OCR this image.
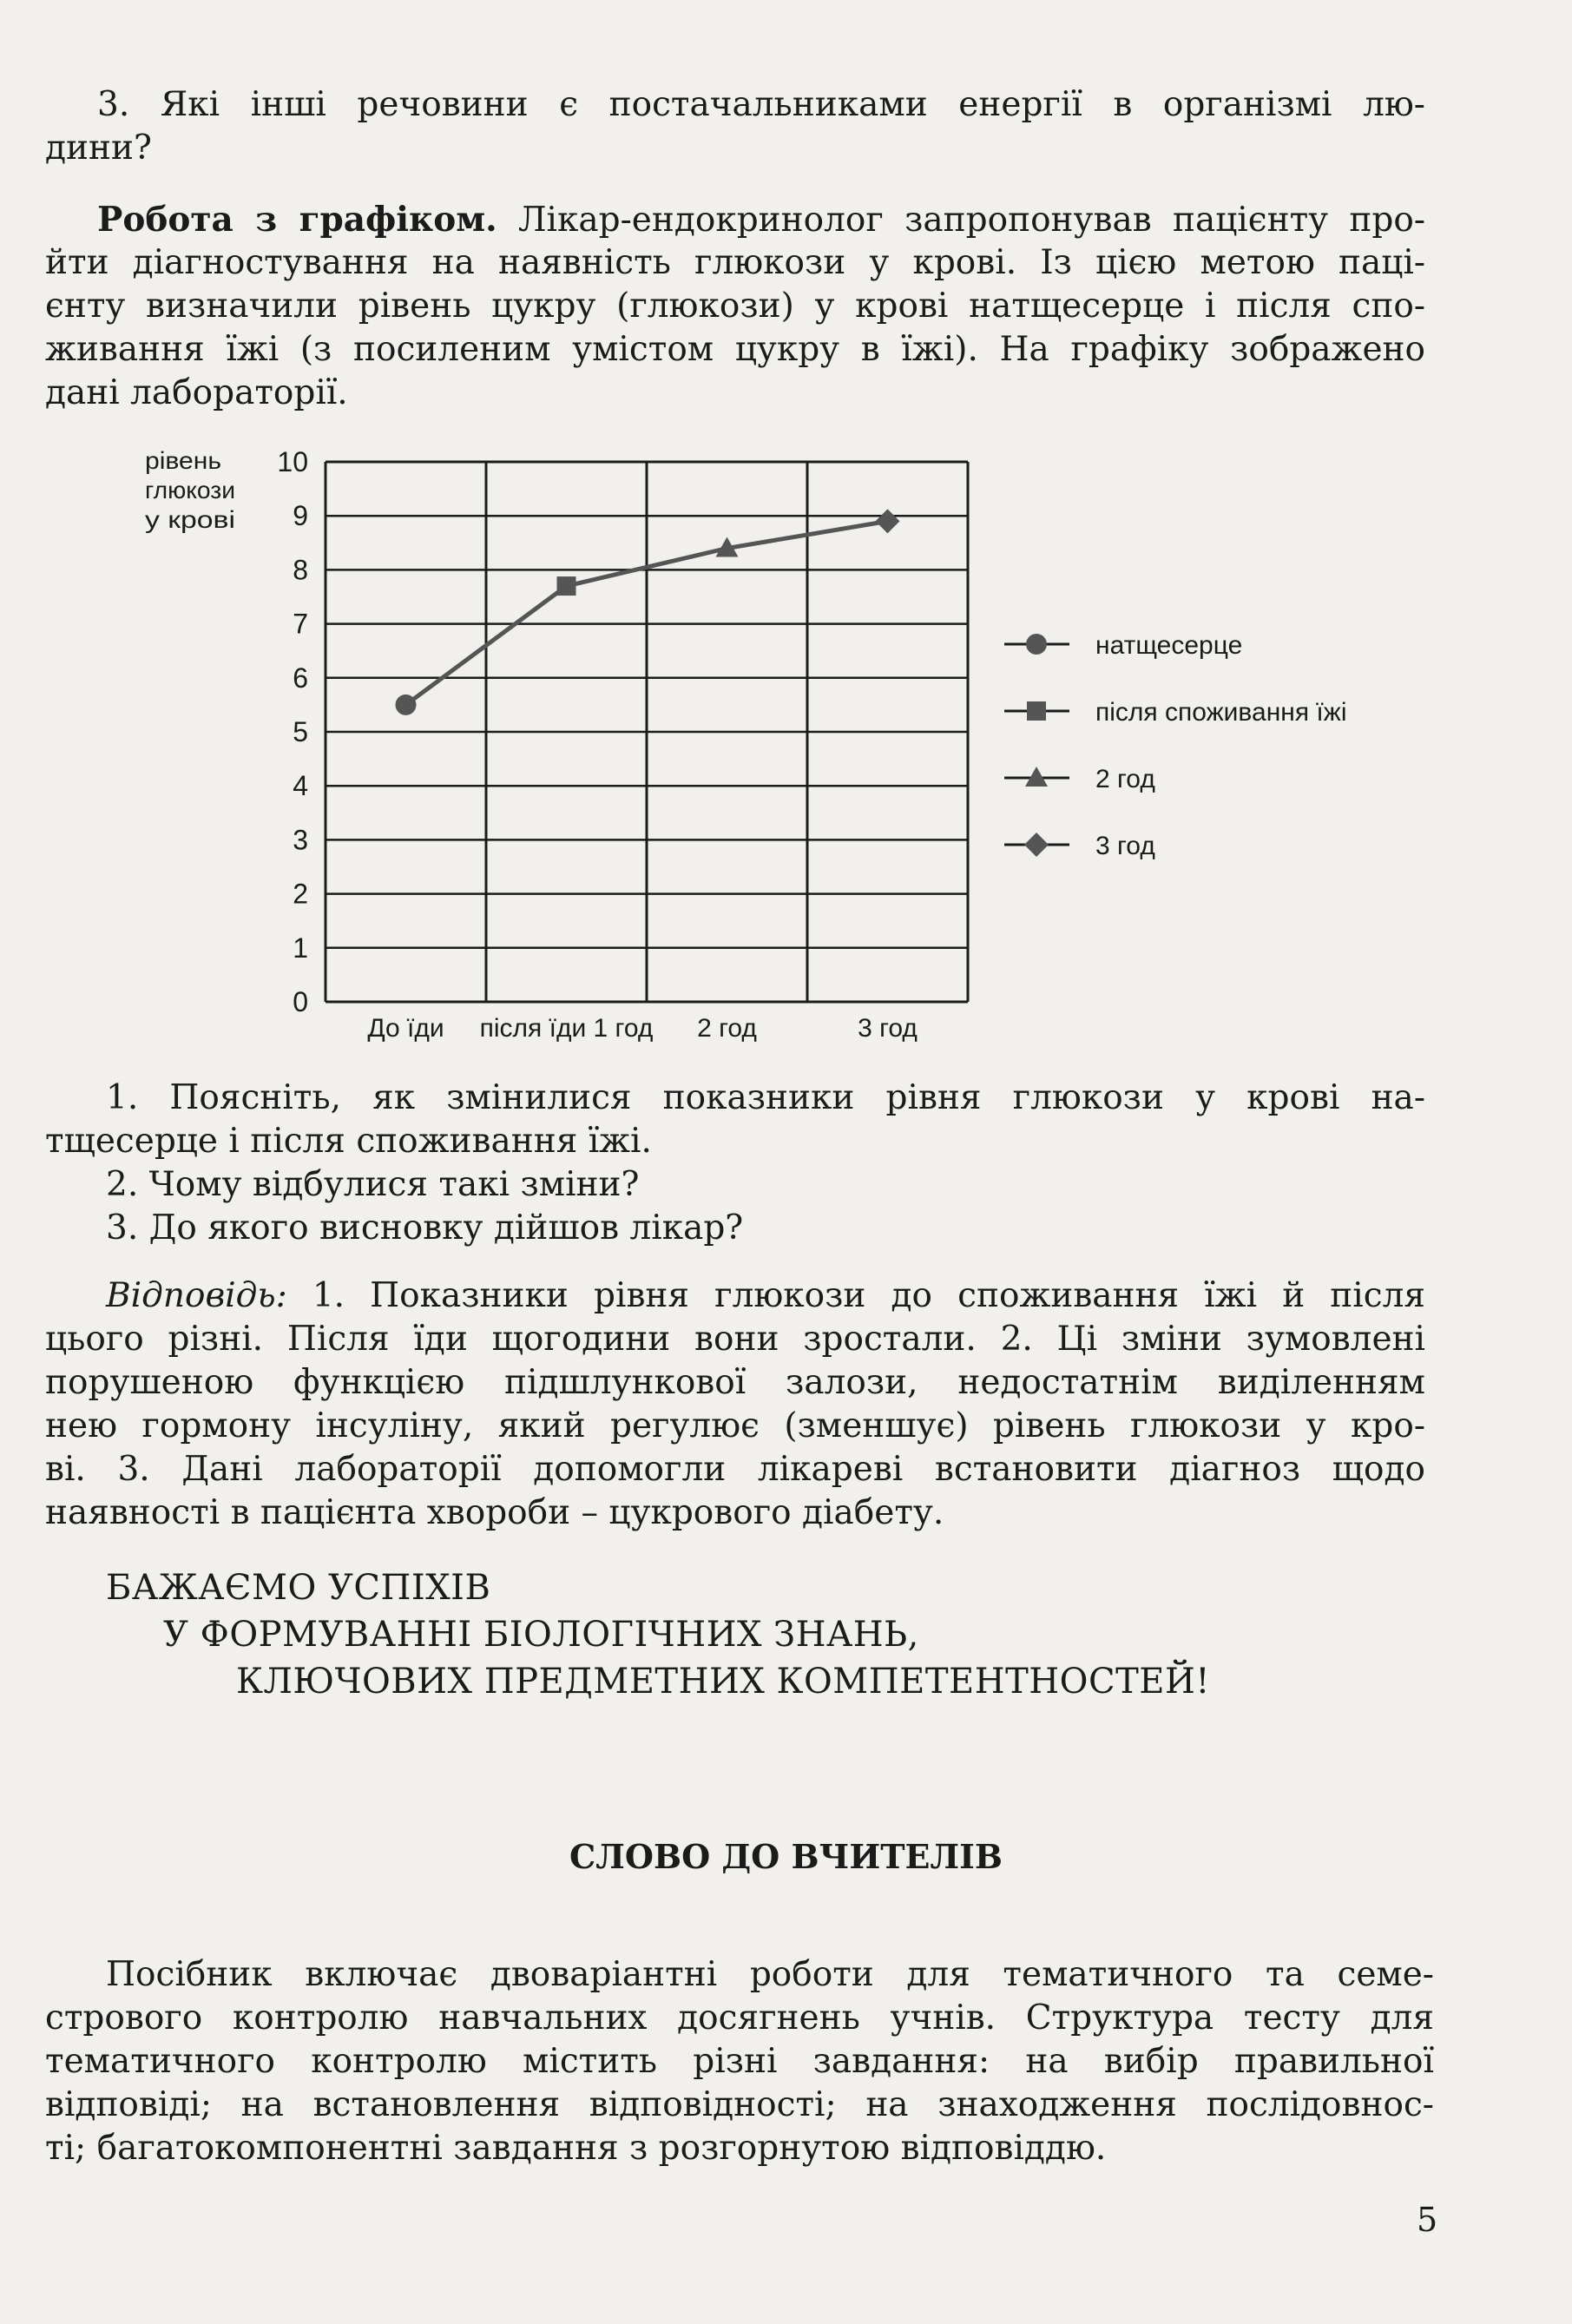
3. Які інші речовини є постачальниками енергії в організмі лю-
дини?
Робота з графіком. Лікар-ендокринолог запропонував пацієнту про-
йти діагностування на наявність глюкози у крові. Із цією метою паці-
єнту визначили рівень цукру (глюкози) у крові натщесерце і після спо-
живання їжі (з посиленим умістом цукру в їжі). На графіку зображено
дані лабораторії.
рівень
глюкози
у крові
0
1
2
3
4
5
6
7
8
9
10
До їди після їди 1 год 2 год	3 год
натщесерце
після споживання їжі
2 год
3 год
1. Поясніть, як змінилися показники рівня глюкози у крові на-
тщесерце і після споживання їжі.
2. Чому відбулися такі зміни?
3. До якого висновку дійшов лікар?
Відповідь: 1. Показники рівня глюкози до споживання їжі й після
цього різні. Після їди щогодини вони зростали. 2. Ці зміни зумовлені
порушеною функцією підшлункової залози, недостатнім виділенням
нею гормону інсуліну, який регулює (зменшує) рівень глюкози у кро-
ві. 3. Дані лабораторії допомогли лікареві встановити діагноз щодо
наявності в пацієнта хвороби – цукрового діабету.
БАЖАЄМО УСПІХІВ
У ФОРМУВАННІ БІОЛОГІЧНИХ ЗНАНЬ,
КЛЮЧОВИХ ПРЕДМЕТНИХ КОМПЕТЕНТНОСТЕЙ!
СЛОВО ДО ВЧИТЕЛІВ
Посібник включає двоваріантні роботи для тематичного та семе-
стрового контролю навчальних досягнень учнів. Структура тесту для
тематичного контролю містить різні завдання: на вибір правильної
відповіді; на встановлення відповідності; на знаходження послідовнос-
ті; багатокомпонентні завдання з розгорнутою відповіддю.
5
